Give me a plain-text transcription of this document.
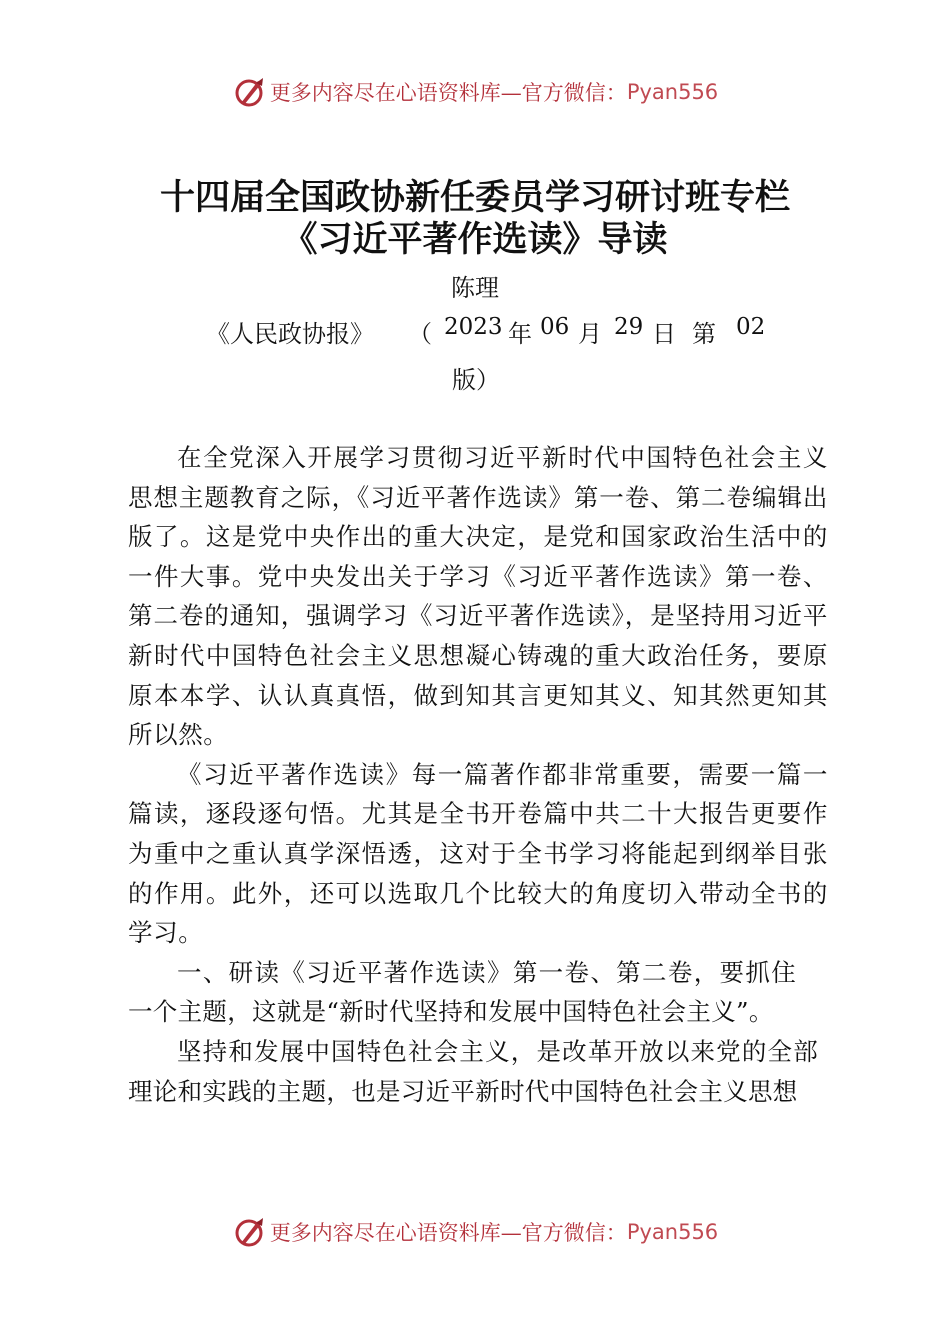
更多内容尽在心语资料库—官方微信： Pyan556
十四届全国政协新任委员学习研讨班专栏
《习近平著作选读》导读
陈理
《人民政协报》 （ 2023 年 06 月 29 日 第 02
版）

在全党深入开展学习贯彻习近平新时代中国特色社会主义思想主题教育之际，《习近平著作选读》第一卷、第二卷编辑出版了。这是党中央作出的重大决定，是党和国家政治生活中的一件大事。党中央发出关于学习《习近平著作选读》第一卷、第二卷的通知，强调学习《习近平著作选读》，是坚持用习近平新时代中国特色社会主义思想凝心铸魂的重大政治任务，要原原本本学、认认真真悟，做到知其言更知其义、知其然更知其所以然。

《习近平著作选读》每一篇著作都非常重要，需要一篇一篇读，逐段逐句悟。尤其是全书开卷篇中共二十大报告更要作为重中之重认真学深悟透，这对于全书学习将能起到纲举目张 的作用。此外，还可以选取几个比较大的角度切入带动全书的学习。

一、研读《习近平著作选读》第一卷、第二卷，要抓住一个主题，这就是“新时代坚持和发展中国特色社会主义”。

坚持和发展中国特色社会主义，是改革开放以来党的全部理论和实践的主题，也是习近平新时代中国特色社会主义思想

更多内容尽在心语资料库—官方微信： Pyan556
